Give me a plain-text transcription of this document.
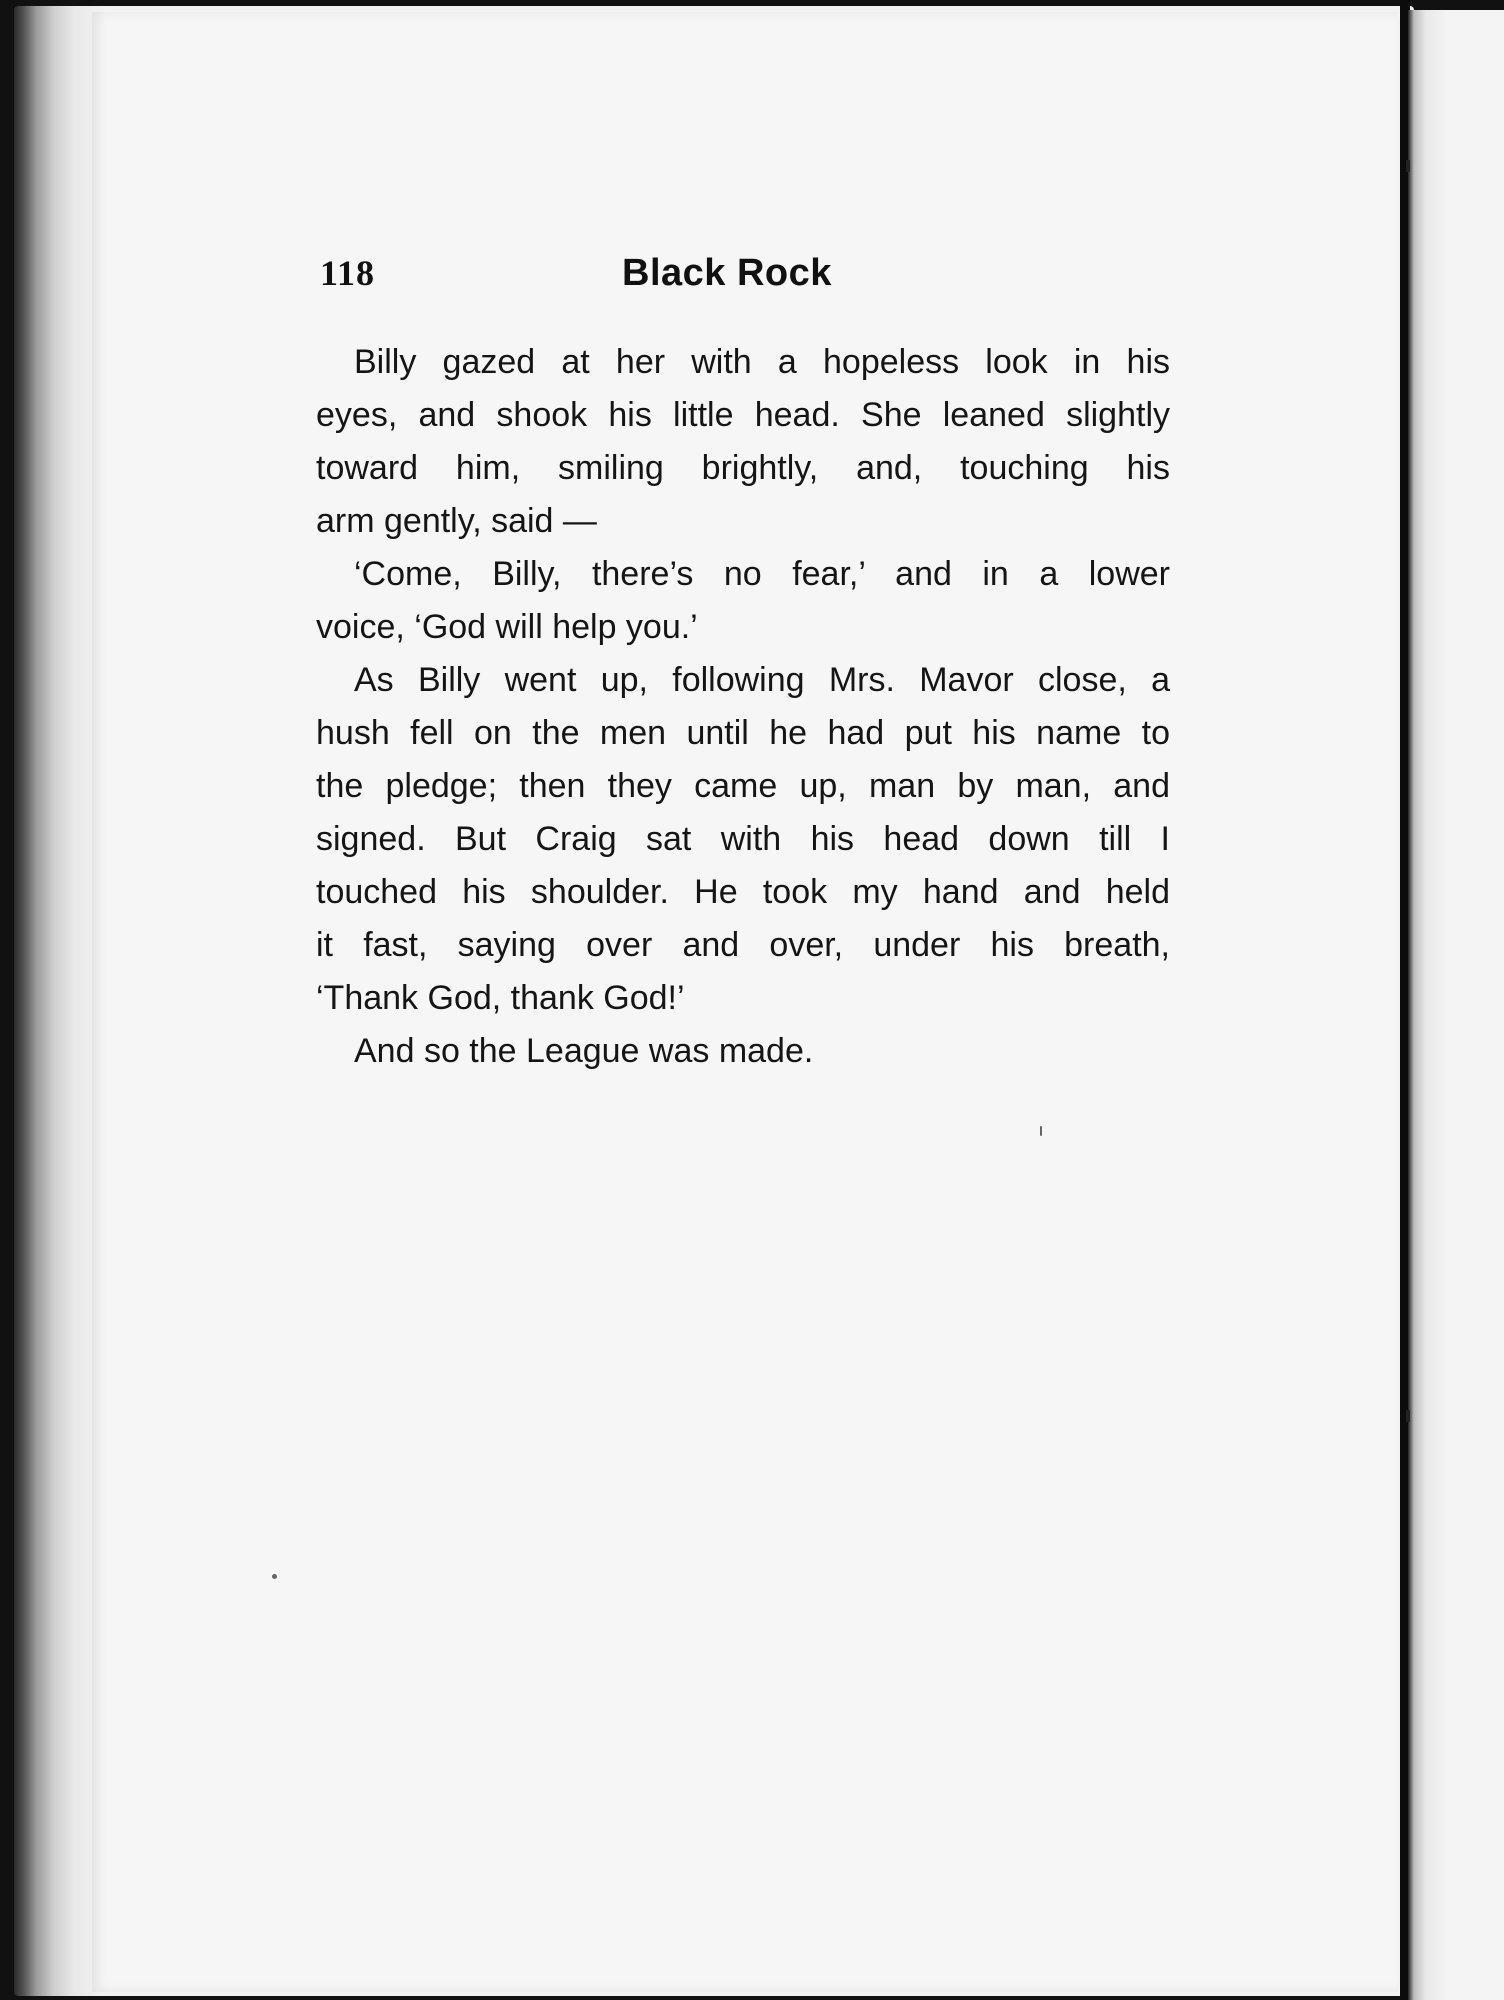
118	Black Rock
Billy gazed at her with a hopeless look in his
eyes, and shook his little head. She leaned slightly
toward him, smiling brightly, and, touching his
arm gently, said —
‘Come, Billy, there’s no fear,’ and in a lower
voice, ‘God will help you.’
As Billy went up, following Mrs. Mavor close, a
hush fell on the men until he had put his name to
the pledge; then they came up, man by man, and
signed. But Craig sat with his head down till I
touched his shoulder. He took my hand and held
it fast, saying over and over, under his breath,
‘Thank God, thank God!’
And so the League was made.
